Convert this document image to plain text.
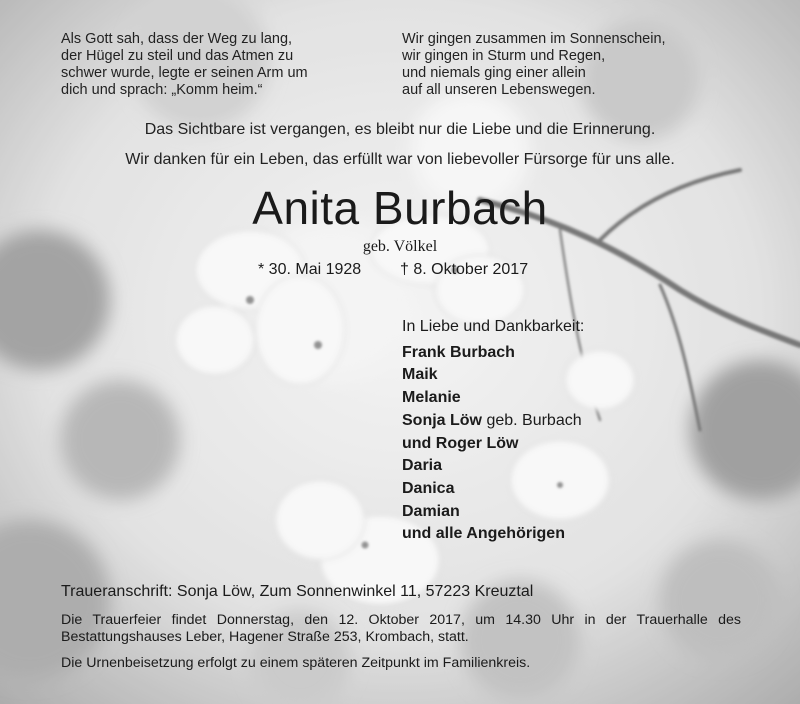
Als Gott sah, dass der Weg zu lang,
der Hügel zu steil und das Atmen zu
schwer wurde, legte er seinen Arm um
dich und sprach: „Komm heim.“
Wir gingen zusammen im Sonnenschein,
wir gingen in Sturm und Regen,
und niemals ging einer allein
auf all unseren Lebenswegen.
Das Sichtbare ist vergangen, es bleibt nur die Liebe und die Erinnerung.
Wir danken für ein Leben, das erfüllt war von liebevoller Fürsorge für uns alle.
Anita Burbach
geb. Völkel
* 30. Mai 1928 † 8. Oktober 2017
In Liebe und Dankbarkeit:
Frank Burbach
Maik
Melanie
Sonja Löw geb. Burbach
und Roger Löw
Daria
Danica
Damian
und alle Angehörigen
Traueranschrift: Sonja Löw, Zum Sonnenwinkel 11, 57223 Kreuztal
Die Trauerfeier findet Donnerstag, den 12. Oktober 2017, um 14.30 Uhr in der Trauerhalle des Bestattungshauses Leber, Hagener Straße 253, Krombach, statt.
Die Urnenbeisetzung erfolgt zu einem späteren Zeitpunkt im Familienkreis.
